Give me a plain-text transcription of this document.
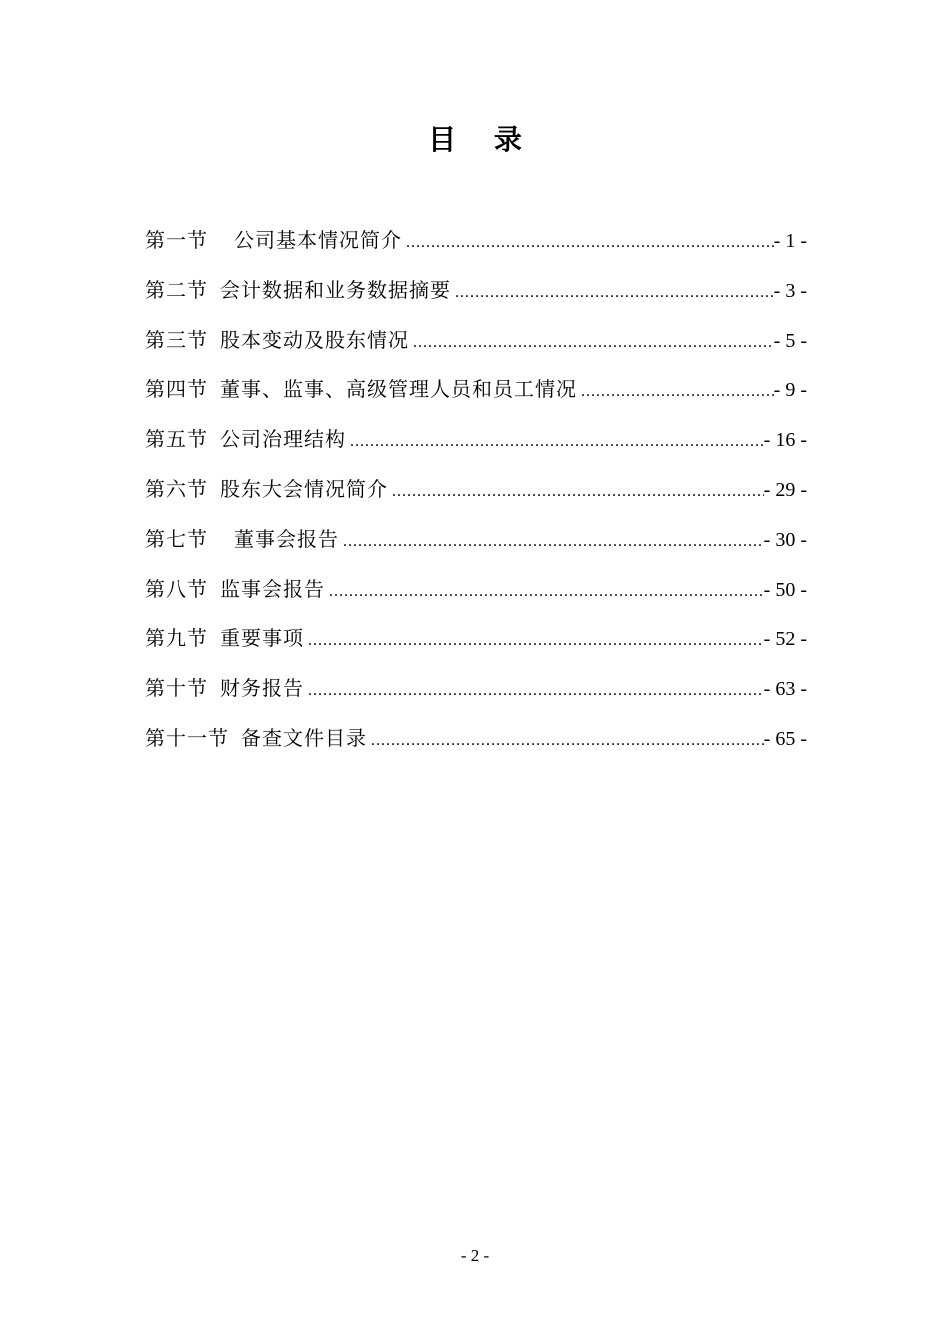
目 录
第一节 公司基本情况简介 .....	- 1 -
第二节 会计数据和业务数据摘要 .....	- 3 -
第三节 股本变动及股东情况 .....	- 5 -
第四节 董事、监事、高级管理人员和员工情况 .....	- 9 -
第五节 公司治理结构 .....	- 16 -
第六节 股东大会情况简介 .....	- 29 -
第七节 董事会报告 .....	- 30 -
第八节 监事会报告 .....	- 50 -
第九节 重要事项 .....	- 52 -
第十节 财务报告 .....	- 63 -
第十一节 备查文件目录 .....	- 65 -
- 2 -
